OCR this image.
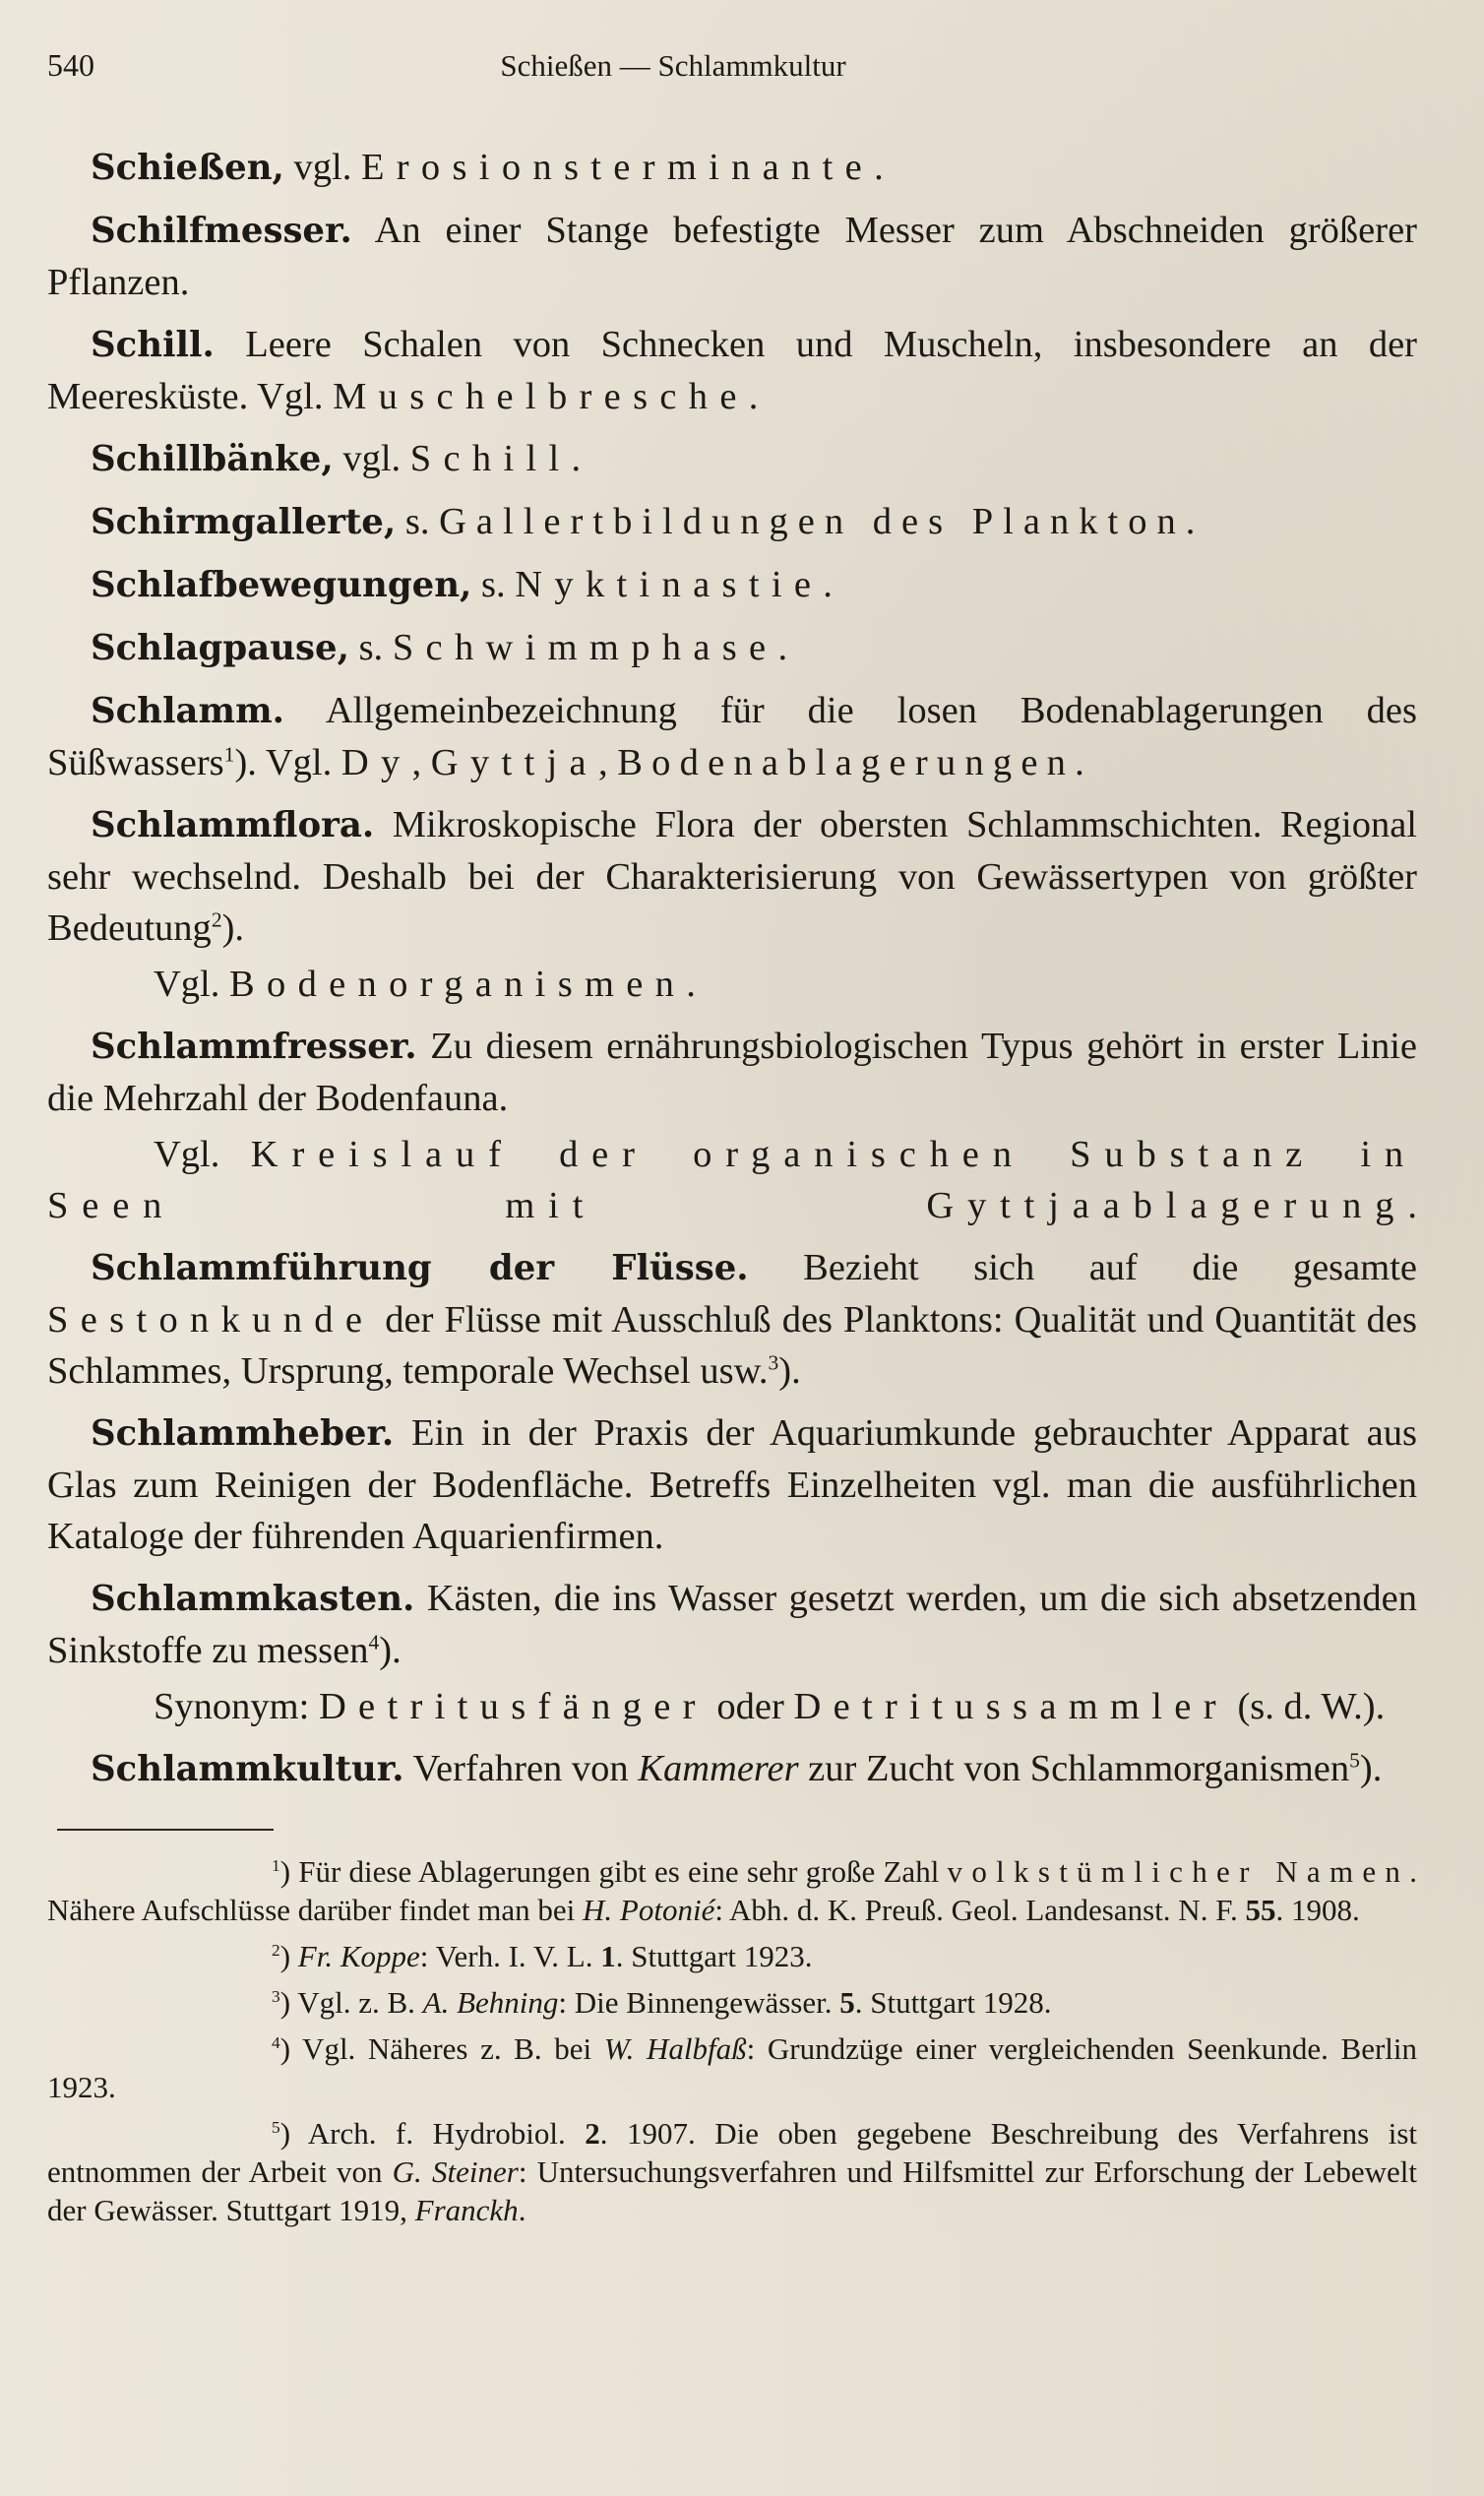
540	Schießen — Schlammkultur

Schießen, vgl. Erosionsterminante.

Schilfmesser. An einer Stange befestigte Messer zum Abschneiden größerer Pflanzen.

Schill. Leere Schalen von Schnecken und Muscheln, insbesondere an der Meeresküste. Vgl. Muschelbresche.

Schillbänke, vgl. Schill.

Schirmgallerte, s. Gallertbildungen des Plankton.

Schlafbewegungen, s. Nyktinastie.

Schlagpause, s. Schwimmphase.

Schlamm. Allgemeinbezeichnung für die losen Bodenablagerungen des Süßwassers$^1$). Vgl. Dy, Gyttja, Bodenablagerungen.

Schlammflora. Mikroskopische Flora der obersten Schlammschichten. Regional sehr wechselnd. Deshalb bei der Charakterisierung von Gewässertypen von größter Bedeutung$^2$).

Vgl. Bodenorganismen.

Schlammfresser. Zu diesem ernährungsbiologischen Typus gehört in erster Linie die Mehrzahl der Bodenfauna.

Vgl. Kreislauf der organischen Substanz in Seen mit Gyttjaablagerung.

Schlammführung der Flüsse. Bezieht sich auf die gesamte Sestonkunde der Flüsse mit Ausschluß des Planktons: Qualität und Quantität des Schlammes, Ursprung, temporale Wechsel usw.$^3$).

Schlammheber. Ein in der Praxis der Aquariumkunde gebrauchter Apparat aus Glas zum Reinigen der Bodenfläche. Betreffs Einzelheiten vgl. man die ausführlichen Kataloge der führenden Aquarienfirmen.

Schlammkasten. Kästen, die ins Wasser gesetzt werden, um die sich absetzenden Sinkstoffe zu messen$^4$).

Synonym: Detritusfänger oder Detritussammler (s. d. W.).

Schlammkultur. Verfahren von Kammerer zur Zucht von Schlammorganismen$^5$).

$^1$) Für diese Ablagerungen gibt es eine sehr große Zahl volkstümlicher Namen. Nähere Aufschlüsse darüber findet man bei H. Potonié: Abh. d. K. Preuß. Geol. Landesanst. N. F. 55. 1908.

$^2$) Fr. Koppe: Verh. I. V. L. 1. Stuttgart 1923.

$^3$) Vgl. z. B. A. Behning: Die Binnengewässer. 5. Stuttgart 1928.

$^4$) Vgl. Näheres z. B. bei W. Halbfaß: Grundzüge einer vergleichenden Seenkunde. Berlin 1923.

$^5$) Arch. f. Hydrobiol. 2. 1907. Die oben gegebene Beschreibung des Verfahrens ist entnommen der Arbeit von G. Steiner: Untersuchungsverfahren und Hilfsmittel zur Erforschung der Lebewelt der Gewässer. Stuttgart 1919, Franckh.
